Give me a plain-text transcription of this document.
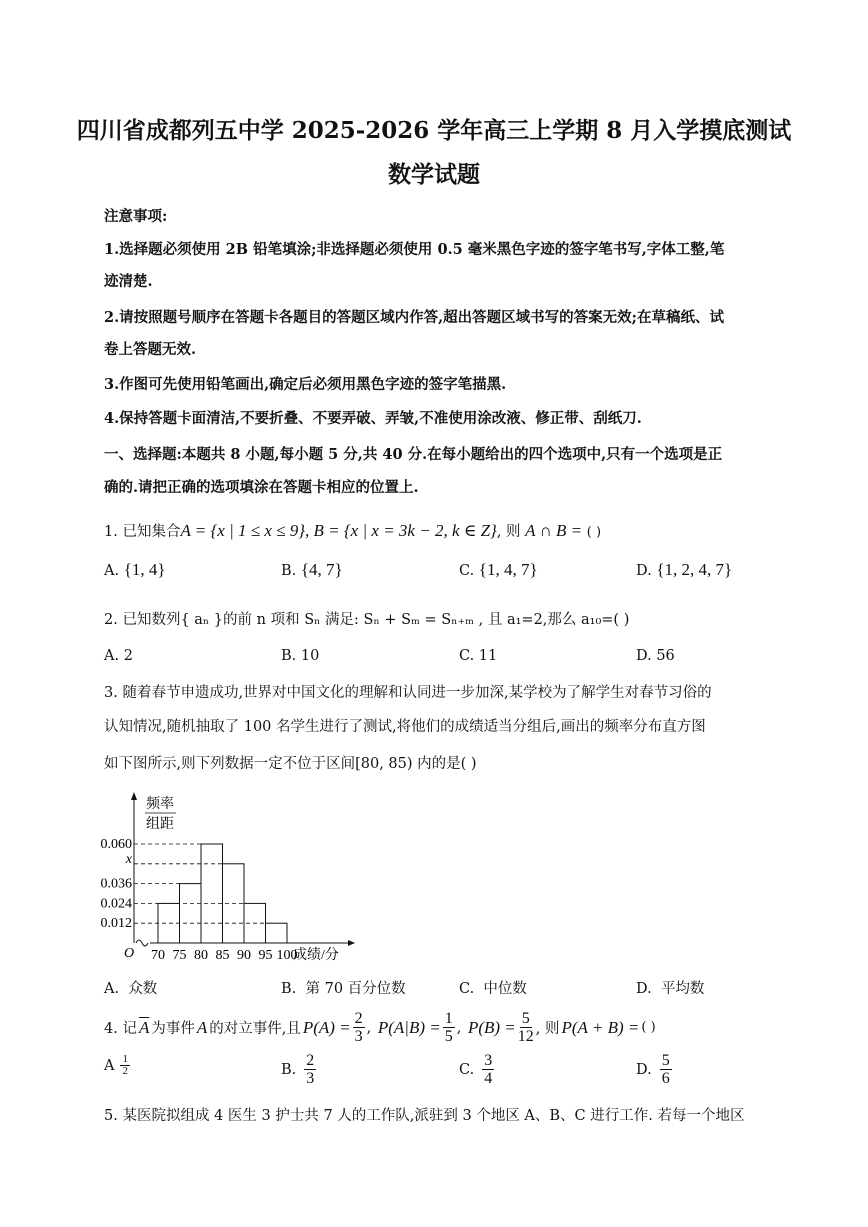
四川省成都列五中学 2025-2026 学年高三上学期 8 月入学摸底测试
数学试题
注意事项:
1.选择题必须使用 2B 铅笔填涂;非选择题必须使用 0.5 毫米黑色字迹的签字笔书写,字体工整,笔
迹清楚.
2.请按照题号顺序在答题卡各题目的答题区域内作答,超出答题区域书写的答案无效;在草稿纸、试
卷上答题无效.
3.作图可先使用铅笔画出,确定后必须用黑色字迹的签字笔描黑.
4.保持答题卡面清洁,不要折叠、不要弄破、弄皱,不准使用涂改液、修正带、刮纸刀.
一、选择题:本题共 8 小题,每小题 5 分,共 40 分.在每小题给出的四个选项中,只有一个选项是正
确的.请把正确的选项填涂在答题卡相应的位置上.
1. 已知集合A = {x | 1 ≤ x ≤ 9}, B = {x | x = 3k − 2, k ∈ Z}, 则 A ∩ B = ( )
A. {1, 4}	B. {4, 7}	C. {1, 4, 7}	D. {1, 2, 4, 7}
2. 已知数列{ aₙ }的前 n 项和 Sₙ 满足: Sₙ + Sₘ = Sₙ₊ₘ , 且 a₁=2,那么 a₁₀=( )
A. 2	B. 10	C. 11	D. 56
3. 随着春节申遗成功,世界对中国文化的理解和认同进一步加深,某学校为了解学生对春节习俗的
认知情况,随机抽取了 100 名学生进行了测试,将他们的成绩适当分组后,画出的频率分布直方图
如下图所示,则下列数据一定不位于区间[80, 85) 内的是( )
0.060
x
0.036
0.024
0.012
70 75 80 85 90 95 100
O	成绩/分
频率
组距
A. 众数	B. 第 70 百分位数	C. 中位数	D. 平均数
4. 记 $\overline{A}$ 为事件 A 的对立事件,且 $P(A) = \frac{2}{3}$ , $P(A|B) = \frac{1}{5}$ , $P(B) = \frac{5}{12}$ , 则 P(A + B) = ( )
A $\frac{1}{2}$	B. $\frac{2}{3}$	C. $\frac{3}{4}$	D. $\frac{5}{6}$
5. 某医院拟组成 4 医生 3 护士共 7 人的工作队,派驻到 3 个地区 A、B、C 进行工作. 若每一个地区
